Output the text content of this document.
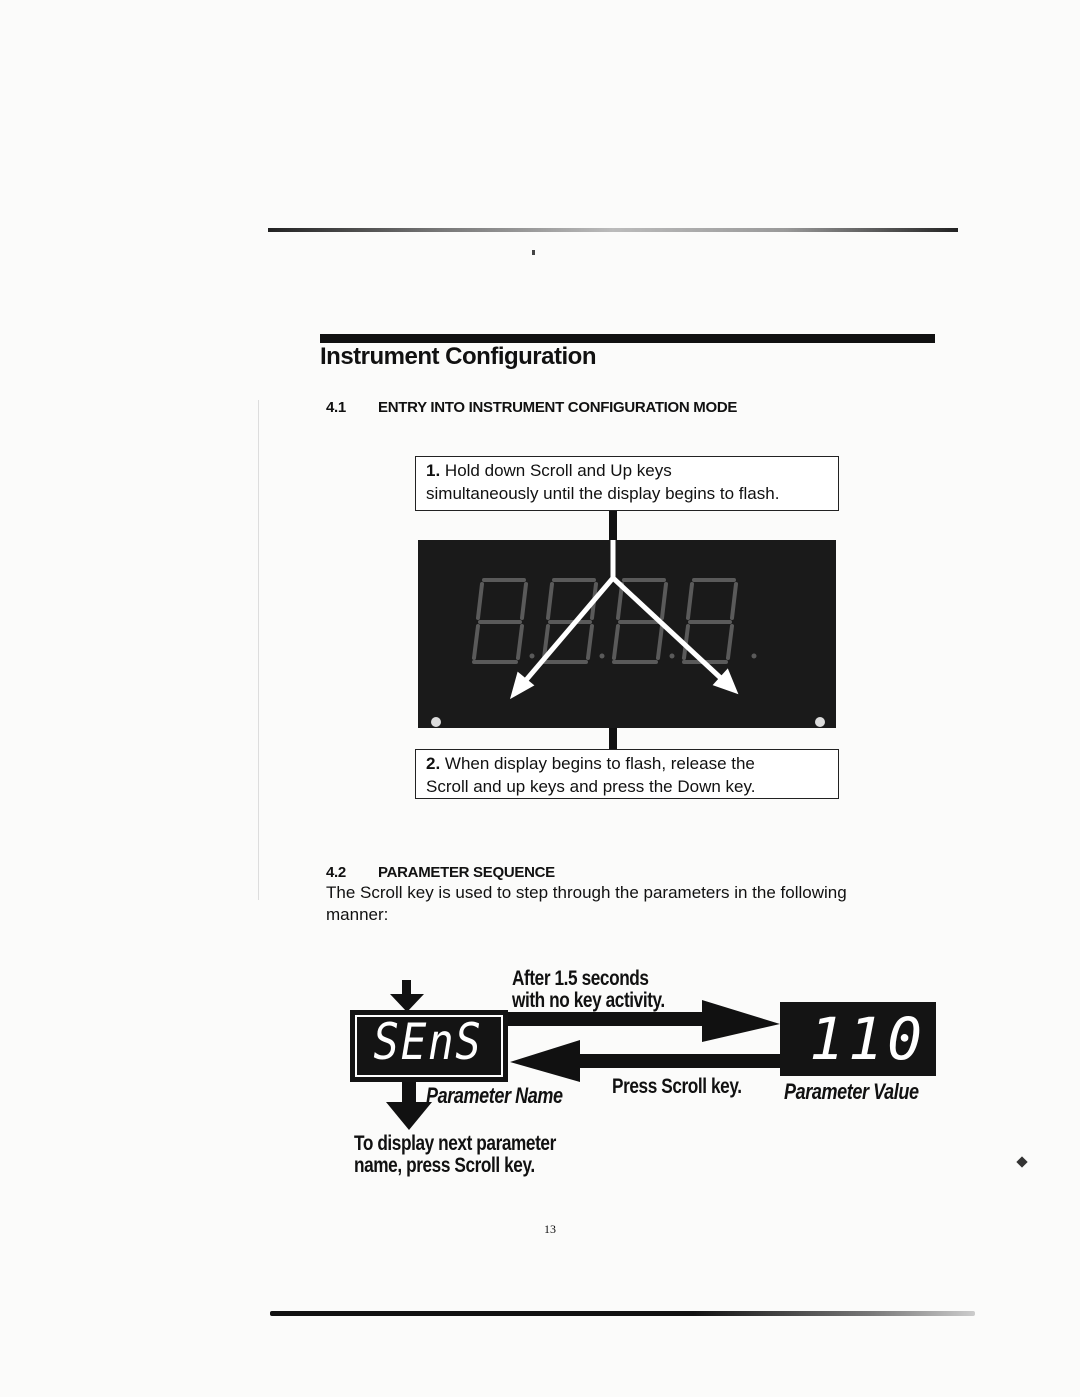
Instrument Configuration
4.1 ENTRY INTO INSTRUMENT CONFIGURATION MODE
1. Hold down Scroll and Up keys
simultaneously until the display begins to flash.
2. When display begins to flash, release the
Scroll and up keys and press the Down key.
4.2 PARAMETER SEQUENCE
The Scroll key is used to step through the parameters in the following manner:
SEnS	110
After 1.5 seconds
with no key activity.
Parameter Name Press Scroll key. Parameter Value
To display next parameter
name, press Scroll key.
13
